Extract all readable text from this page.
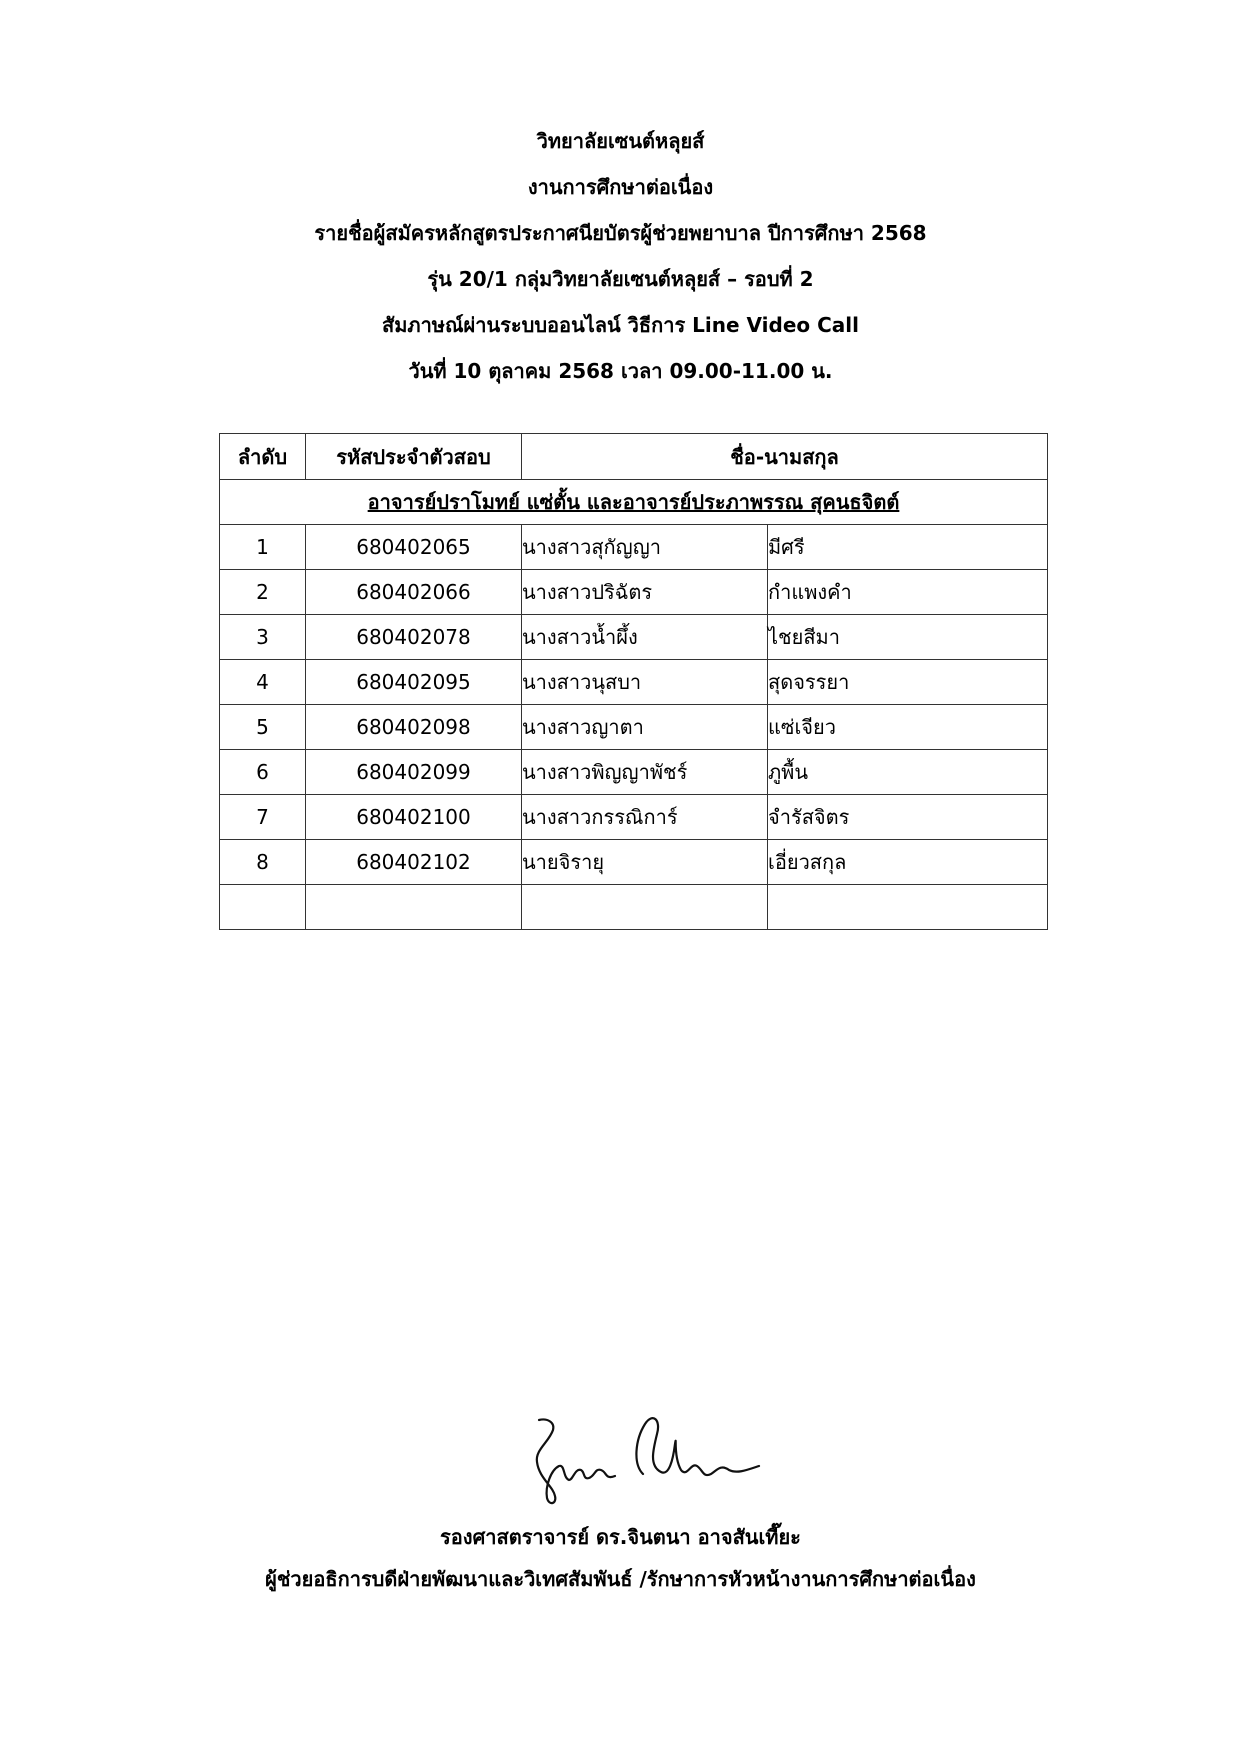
วิทยาลัยเซนต์หลุยส์
งานการศึกษาต่อเนื่อง
รายชื่อผู้สมัครหลักสูตรประกาศนียบัตรผู้ช่วยพยาบาล ปีการศึกษา 2568
รุ่น 20/1 กลุ่มวิทยาลัยเซนต์หลุยส์ – รอบที่ 2
สัมภาษณ์ผ่านระบบออนไลน์ วิธีการ Line Video Call
วันที่ 10 ตุลาคม 2568 เวลา 09.00-11.00 น.
ลำดับ	รหัสประจำตัวสอบ	ชื่อ-นามสกุล	
อาจารย์ปราโมทย์ แซ่ตั้น และอาจารย์ประภาพรรณ สุคนธจิตต์			
1	680402065	นางสาวสุกัญญา	มีศรี
2	680402066	นางสาวปริฉัตร	กำแพงคำ
3	680402078	นางสาวน้ำผึ้ง	ไชยสีมา
4	680402095	นางสาวนุสบา	สุดจรรยา
5	680402098	นางสาวญาตา	แซ่เจียว
6	680402099	นางสาวพิญญาพัชร์	ภูพื้น
7	680402100	นางสาวกรรณิการ์	จำรัสจิตร
8	680402102	นายจิรายุ	เอี่ยวสกุล

รองศาสตราจารย์ ดร.จินตนา อาจสันเที๊ยะ
ผู้ช่วยอธิการบดีฝ่ายพัฒนาและวิเทศสัมพันธ์ /รักษาการหัวหน้างานการศึกษาต่อเนื่อง
